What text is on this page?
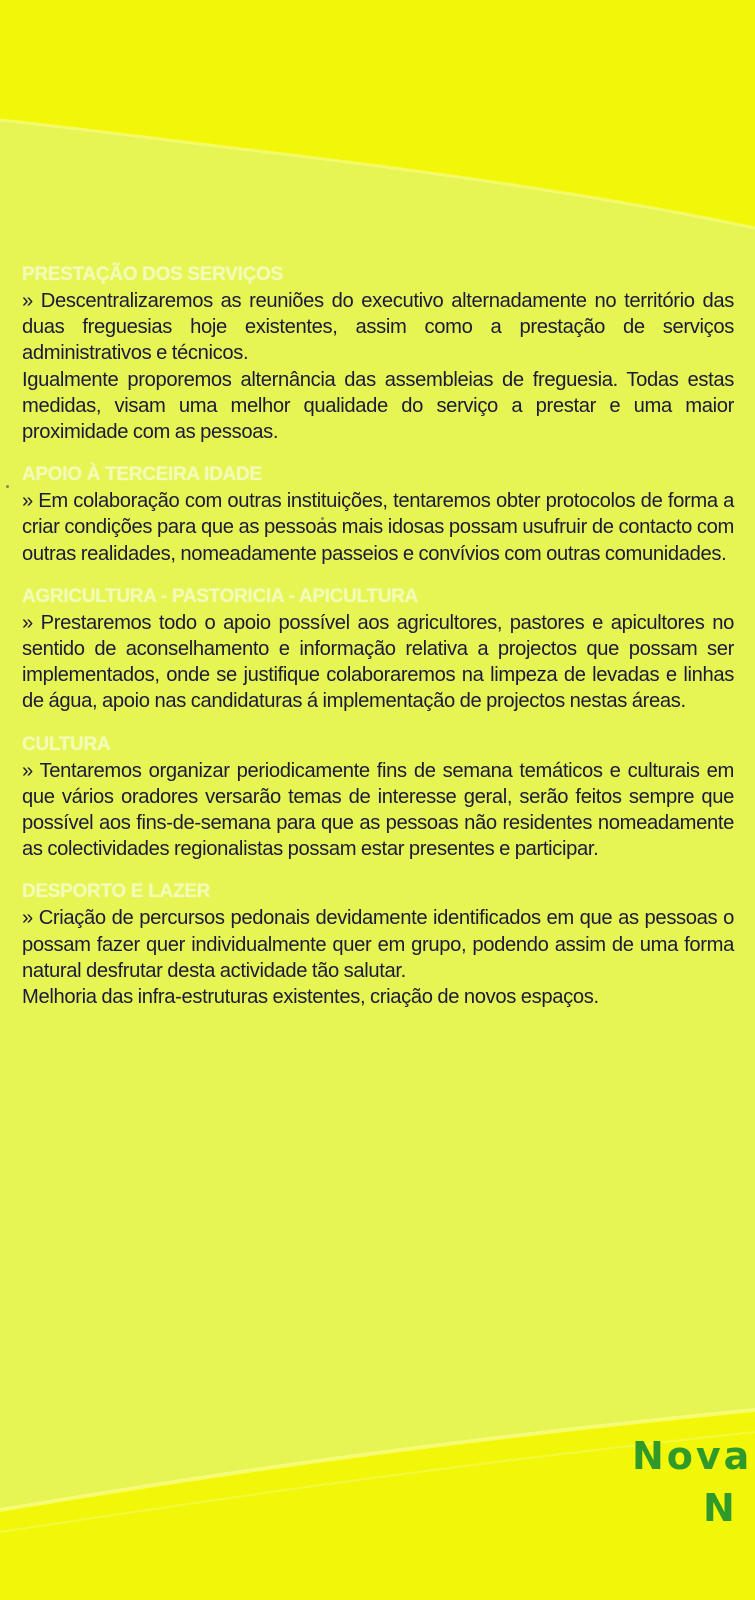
PRESTAÇÃO DOS SERVIÇOS

» Descentralizaremos as reuniões do executivo alternadamente no território das duas freguesias hoje existentes, assim como a prestação de serviços administrativos e técnicos.

Igualmente proporemos alternância das assembleias de freguesia. Todas estas medidas, visam uma melhor qualidade do serviço a prestar e uma maior proximidade com as pessoas.

APOIO À TERCEIRA IDADE

» Em colaboração com outras instituições, tentaremos obter protocolos de forma a criar condições para que as pessoas mais idosas possam usufruir de contacto com outras realidades, nomeadamente passeios e convívios com outras comunidades.

AGRICULTURA - PASTORICIA - APICULTURA

» Prestaremos todo o apoio possível aos agricultores, pastores e apicultores no sentido de aconselhamento e informação relativa a projectos que possam ser implementados, onde se justifique colaboraremos na limpeza de levadas e linhas de água, apoio nas candidaturas á implementação de projectos nestas áreas.

CULTURA

» Tentaremos organizar periodicamente fins de semana temáticos e culturais em que vários oradores versarão temas de interesse geral, serão feitos sempre que possível aos fins-de-semana para que as pessoas não residentes nomeadamente as colectividades regionalistas possam estar presentes e participar.

DESPORTO E LAZER

» Criação de percursos pedonais devidamente identificados em que as pessoas o possam fazer quer individualmente quer em grupo, podendo assim de uma forma natural desfrutar desta actividade tão salutar.

Melhoria das infra-estruturas existentes, criação de novos espaços.

Nova
N
